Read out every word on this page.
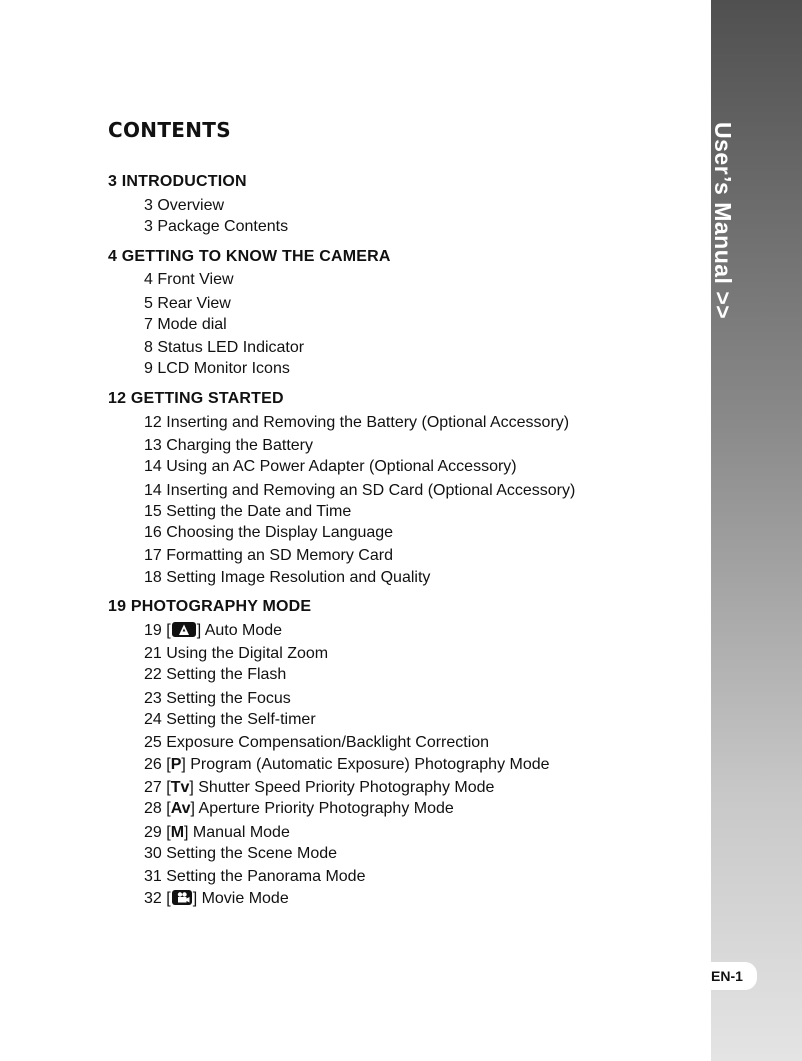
User’s Manual >>
EN-1
CONTENTS
3 INTRODUCTION
3 Overview
3 Package Contents
4 GETTING TO KNOW THE CAMERA
4 Front View
5 Rear View
7 Mode dial
8 Status LED Indicator
9 LCD Monitor Icons
12 GETTING STARTED
12 Inserting and Removing the Battery (Optional Accessory)
13 Charging the Battery
14 Using an AC Power Adapter (Optional Accessory)
14 Inserting and Removing an SD Card (Optional Accessory)
15 Setting the Date and Time
16 Choosing the Display Language
17 Formatting an SD Memory Card
18 Setting Image Resolution and Quality
19 PHOTOGRAPHY MODE
19 [ ] Auto Mode
21 Using the Digital Zoom
22 Setting the Flash
23 Setting the Focus
24 Setting the Self-timer
25 Exposure Compensation/Backlight Correction
26 [P] Program (Automatic Exposure) Photography Mode
27 [Tv] Shutter Speed Priority Photography Mode
28 [Av] Aperture Priority Photography Mode
29 [M] Manual Mode
30 Setting the Scene Mode
31 Setting the Panorama Mode
32 [ ] Movie Mode
